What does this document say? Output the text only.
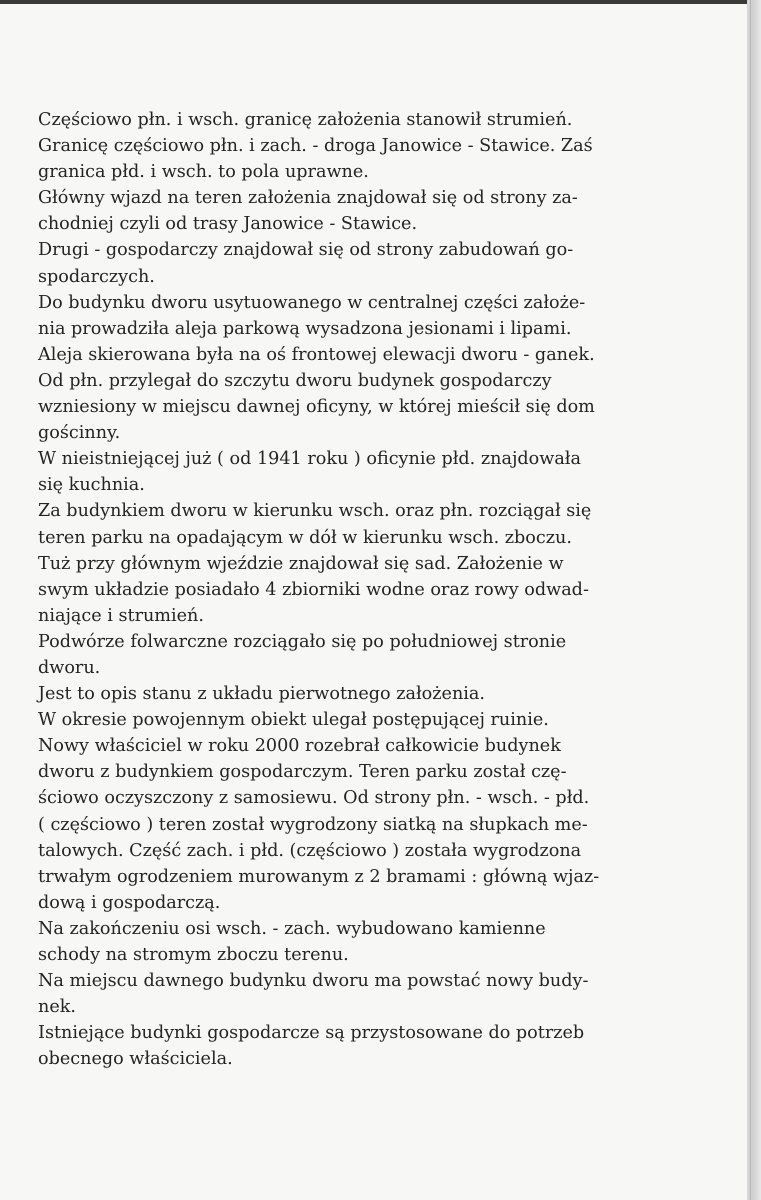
Częściowo płn. i wsch. granicę założenia stanowił strumień.

Granicę częściowo płn. i zach. - droga Janowice - Stawice. Zaś

granica płd. i wsch. to pola uprawne.

Główny wjazd na teren założenia znajdował się od strony za-

chodniej czyli od trasy Janowice - Stawice.

Drugi - gospodarczy znajdował się od strony zabudowań go-

spodarczych.

Do budynku dworu usytuowanego w centralnej części założe-

nia prowadziła aleja parkową wysadzona jesionami i lipami.

Aleja skierowana była na oś frontowej elewacji dworu - ganek.

Od płn. przylegał do szczytu dworu budynek gospodarczy

wzniesiony w miejscu dawnej oficyny, w której mieścił się dom

gościnny.

W nieistniejącej już ( od 1941 roku ) oficynie płd. znajdowała

się kuchnia.

Za budynkiem dworu w kierunku wsch. oraz płn. rozciągał się

teren parku na opadającym w dół w kierunku wsch. zboczu.

Tuż przy głównym wjeździe znajdował się sad. Założenie w

swym układzie posiadało 4 zbiorniki wodne oraz rowy odwad-

niające i strumień.

Podwórze folwarczne rozciągało się po południowej stronie

dworu.

Jest to opis stanu z układu pierwotnego założenia.

W okresie powojennym obiekt ulegał postępującej ruinie.

Nowy właściciel w roku 2000 rozebrał całkowicie budynek

dworu z budynkiem gospodarczym. Teren parku został czę-

ściowo oczyszczony z samosiewu. Od strony płn. - wsch. - płd.

( częściowo ) teren został wygrodzony siatką na słupkach me-

talowych. Część zach. i płd. (częściowo ) została wygrodzona

trwałym ogrodzeniem murowanym z 2 bramami : główną wjaz-

dową i gospodarczą.

Na zakończeniu osi wsch. - zach. wybudowano kamienne

schody na stromym zboczu terenu.

Na miejscu dawnego budynku dworu ma powstać nowy budy-

nek.

Istniejące budynki gospodarcze są przystosowane do potrzeb

obecnego właściciela.
